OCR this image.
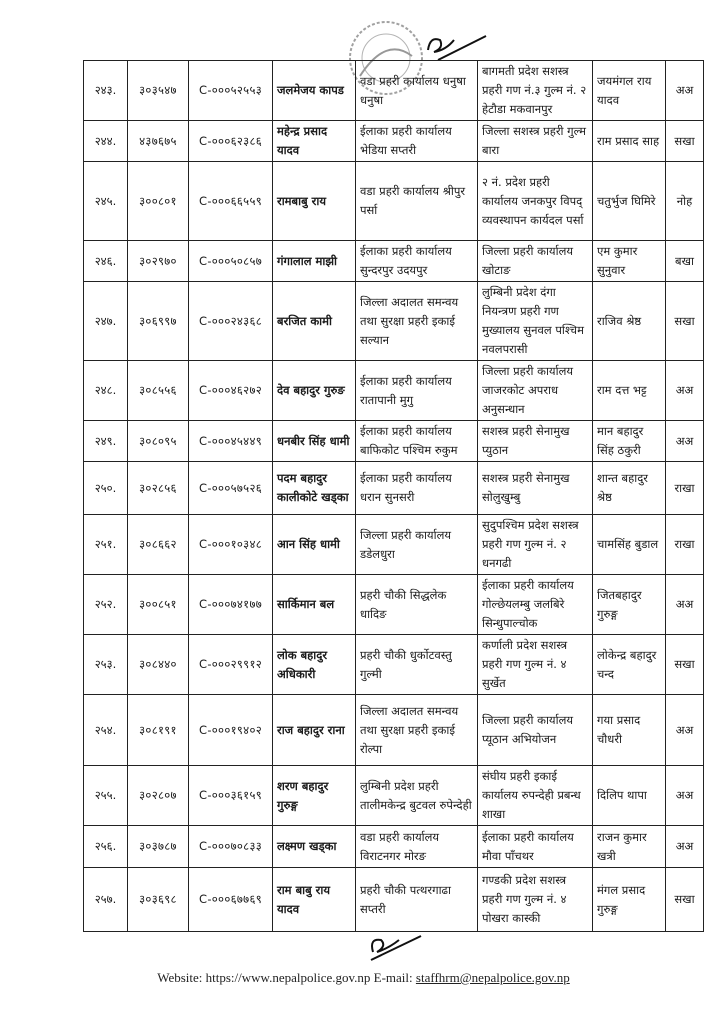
२४३.	३०३५४७	C-०००५२५५३	जलमेजय कापड	वडा प्रहरी कार्यालय धनुषा धनुषा	बागमती प्रदेश सशस्त्र प्रहरी गण नं.३ गुल्म नं. २ हेटौडा मकवानपुर	जयमंगल राय यादव	अअ
२४४.	४३७६७५	C-०००६२३८६	महेन्द्र प्रसाद यादव	ईलाका प्रहरी कार्यालय भेडिया सप्तरी	जिल्ला सशस्त्र प्रहरी गुल्म बारा	राम प्रसाद साह	सखा
२४५.	३००८०१	C-०००६६५५९	रामबाबु राय	वडा प्रहरी कार्यालय श्रीपुर पर्सा	२ नं. प्रदेश प्रहरी कार्यालय जनकपुर विपद् व्यवस्थापन कार्यदल पर्सा	चतुर्भुज घिमिरे	नोह
२४६.	३०२९७०	C-०००५०८५७	गंगालाल माझी	ईलाका प्रहरी कार्यालय सुन्दरपुर उदयपुर	जिल्ला प्रहरी कार्यालय खोटाङ	एम कुमार सुनुवार	बखा
२४७.	३०६९९७	C-०००२४३६८	बरजित कामी	जिल्ला अदालत समन्वय तथा सुरक्षा प्रहरी इकाई सल्यान	लुम्बिनी प्रदेश दंगा नियन्त्रण प्रहरी गण मुख्यालय सुनवल पश्चिम नवलपरासी	राजिव श्रेष्ठ	सखा
२४८.	३०८५५६	C-०००४६२७२	देव बहादुर गुरुङ	ईलाका प्रहरी कार्यालय रातापानी मुगु	जिल्ला प्रहरी कार्यालय जाजरकोट अपराध अनुसन्धान	राम दत्त भट्ट	अअ
२४९.	३०८०९५	C-०००४५४४९	धनबीर सिंह धामी	ईलाका प्रहरी कार्यालय बाफिकोट पश्चिम रुकुम	सशस्त्र प्रहरी सेनामुख प्युठान	मान बहादुर सिंह ठकुरी	अअ
२५०.	३०२८५६	C-०००५७५२६	पदम बहादुर कालीकोटे खड्का	ईलाका प्रहरी कार्यालय धरान सुनसरी	सशस्त्र प्रहरी सेनामुख सोलुखुम्बु	शान्त बहादुर श्रेष्ठ	राखा
२५१.	३०८६६२	C-०००१०३४८	आन सिंह धामी	जिल्ला प्रहरी कार्यालय डडेलधुरा	सुदुपश्चिम प्रदेश सशस्त्र प्रहरी गण गुल्म नं. २ धनगढी	चामसिंह बुडाल	राखा
२५२.	३००८५१	C-०००७४१७७	सार्किमान बल	प्रहरी चौकी सिद्धलेक धादिङ	ईलाका प्रहरी कार्यालय गोल्छेयलम्बु जलबिरे सिन्धुपाल्चोक	जितबहादुर गुरुङ्ग	अअ
२५३.	३०८४४०	C-०००२९९१२	लोक बहादुर अधिकारी	प्रहरी चौकी धुर्कोटवस्तु गुल्मी	कर्णाली प्रदेश सशस्त्र प्रहरी गण गुल्म नं. ४ सुर्खेत	लोकेन्द्र बहादुर चन्द	सखा
२५४.	३०८१९१	C-०००१९४०२	राज बहादुर राना	जिल्ला अदालत समन्वय तथा सुरक्षा प्रहरी इकाई रोल्पा	जिल्ला प्रहरी कार्यालय प्यूठान अभियोजन	गया प्रसाद चौधरी	अअ
२५५.	३०२८०७	C-०००३६१५९	शरण बहादुर गुरुङ्ग	लुम्बिनी प्रदेश प्रहरी तालीमकेन्द्र बुटवल रुपेन्देही	संघीय प्रहरी इकाई कार्यालय रुपन्देही प्रबन्ध शाखा	दिलिप थापा	अअ
२५६.	३०३७८७	C-०००७०८३३	लक्ष्मण खड्का	वडा प्रहरी कार्यालय विराटनगर मोरङ	ईलाका प्रहरी कार्यालय मौवा पाँचथर	राजन कुमार खत्री	अअ
२५७.	३०३६९८	C-०००६७७६९	राम बाबु राय यादव	प्रहरी चौकी पत्थरगाढा सप्तरी	गण्डकी प्रदेश सशस्त्र प्रहरी गण गुल्म नं. ४ पोखरा कास्की	मंगल प्रसाद गुरुङ्ग	सखा
Website: https://www.nepalpolice.gov.np E-mail: staffhrm@nepalpolice.gov.np
